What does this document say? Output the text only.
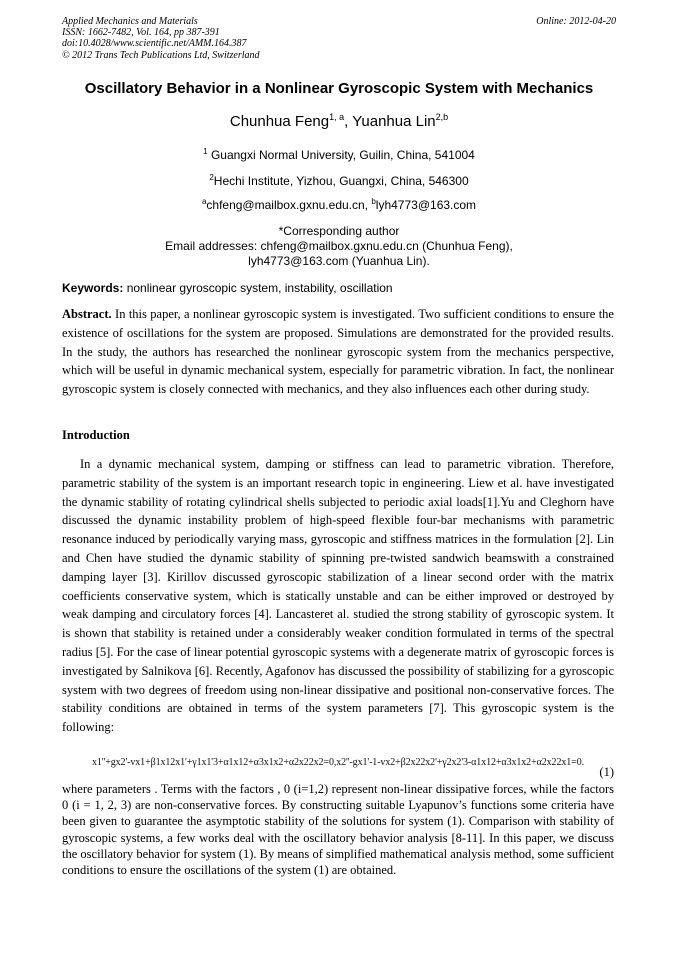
Applied Mechanics and Materials
ISSN: 1662-7482, Vol. 164, pp 387-391
doi:10.4028/www.scientific.net/AMM.164.387
© 2012 Trans Tech Publications Ltd, Switzerland
Online: 2012-04-20
Oscillatory Behavior in a Nonlinear Gyroscopic System with Mechanics
Chunhua Feng$^{1, a}$, Yuanhua Lin$^{2,b}$
$^1$ Guangxi Normal University, Guilin, China, 541004
$^2$Hechi Institute, Yizhou, Guangxi, China, 546300
$^a$chfeng@mailbox.gxnu.edu.cn, $^b$lyh4773@163.com
*Corresponding author
Email addresses: chfeng@mailbox.gxnu.edu.cn (Chunhua Feng),
lyh4773@163.com (Yuanhua Lin).
Keywords: nonlinear gyroscopic system, instability, oscillation
Abstract. In this paper, a nonlinear gyroscopic system is investigated. Two sufficient conditions to ensure the existence of oscillations for the system are proposed. Simulations are demonstrated for the provided results. In the study, the authors has researched the nonlinear gyroscopic system from the mechanics perspective, which will be useful in dynamic mechanical system, especially for parametric vibration. In fact, the nonlinear gyroscopic system is closely connected with mechanics, and they also influences each other during study.
Introduction
In a dynamic mechanical system, damping or stiffness can lead to parametric vibration. Therefore, parametric stability of the system is an important research topic in engineering. Liew et al. have investigated the dynamic stability of rotating cylindrical shells subjected to periodic axial loads[1].Yu and Cleghorn have discussed the dynamic instability problem of high-speed flexible four-bar mechanisms with parametric resonance induced by periodically varying mass, gyroscopic and stiffness matrices in the formulation [2]. Lin and Chen have studied the dynamic stability of spinning pre-twisted sandwich beamswith a constrained damping layer [3]. Kirillov discussed gyroscopic stabilization of a linear second order with the matrix coefficients conservative system, which is statically unstable and can be either improved or destroyed by weak damping and circulatory forces [4]. Lancasteret al. studied the strong stability of gyroscopic system. It is shown that stability is retained under a considerably weaker condition formulated in terms of the spectral radius [5]. For the case of linear potential gyroscopic systems with a degenerate matrix of gyroscopic forces is investigated by Salnikova [6]. Recently, Agafonov has discussed the possibility of stabilizing for a gyroscopic system with two degrees of freedom using non-linear dissipative and positional non-conservative forces. The stability conditions are obtained in terms of the system parameters [7]. This gyroscopic system is the following:
x1''+gx2'-vx1+β1x12x1'+γ1x1'3+α1x12+α3x1x2+α2x22x2=0,x2''-gx1'-1-vx2+β2x22x2'+γ2x2'3-α1x12+α3x1x2+α2x22x1=0.
(1)
where parameters . Terms with the factors , 0 (i=1,2) represent non-linear dissipative forces, while the factors 0 (i = 1, 2, 3) are non-conservative forces. By constructing suitable Lyapunov’s functions some criteria have been given to guarantee the asymptotic stability of the solutions for system (1). Comparison with stability of gyroscopic systems, a few works deal with the oscillatory behavior analysis [8-11]. In this paper, we discuss the oscillatory behavior for system (1). By means of simplified mathematical analysis method, some sufficient conditions to ensure the oscillations of the system (1) are obtained.
